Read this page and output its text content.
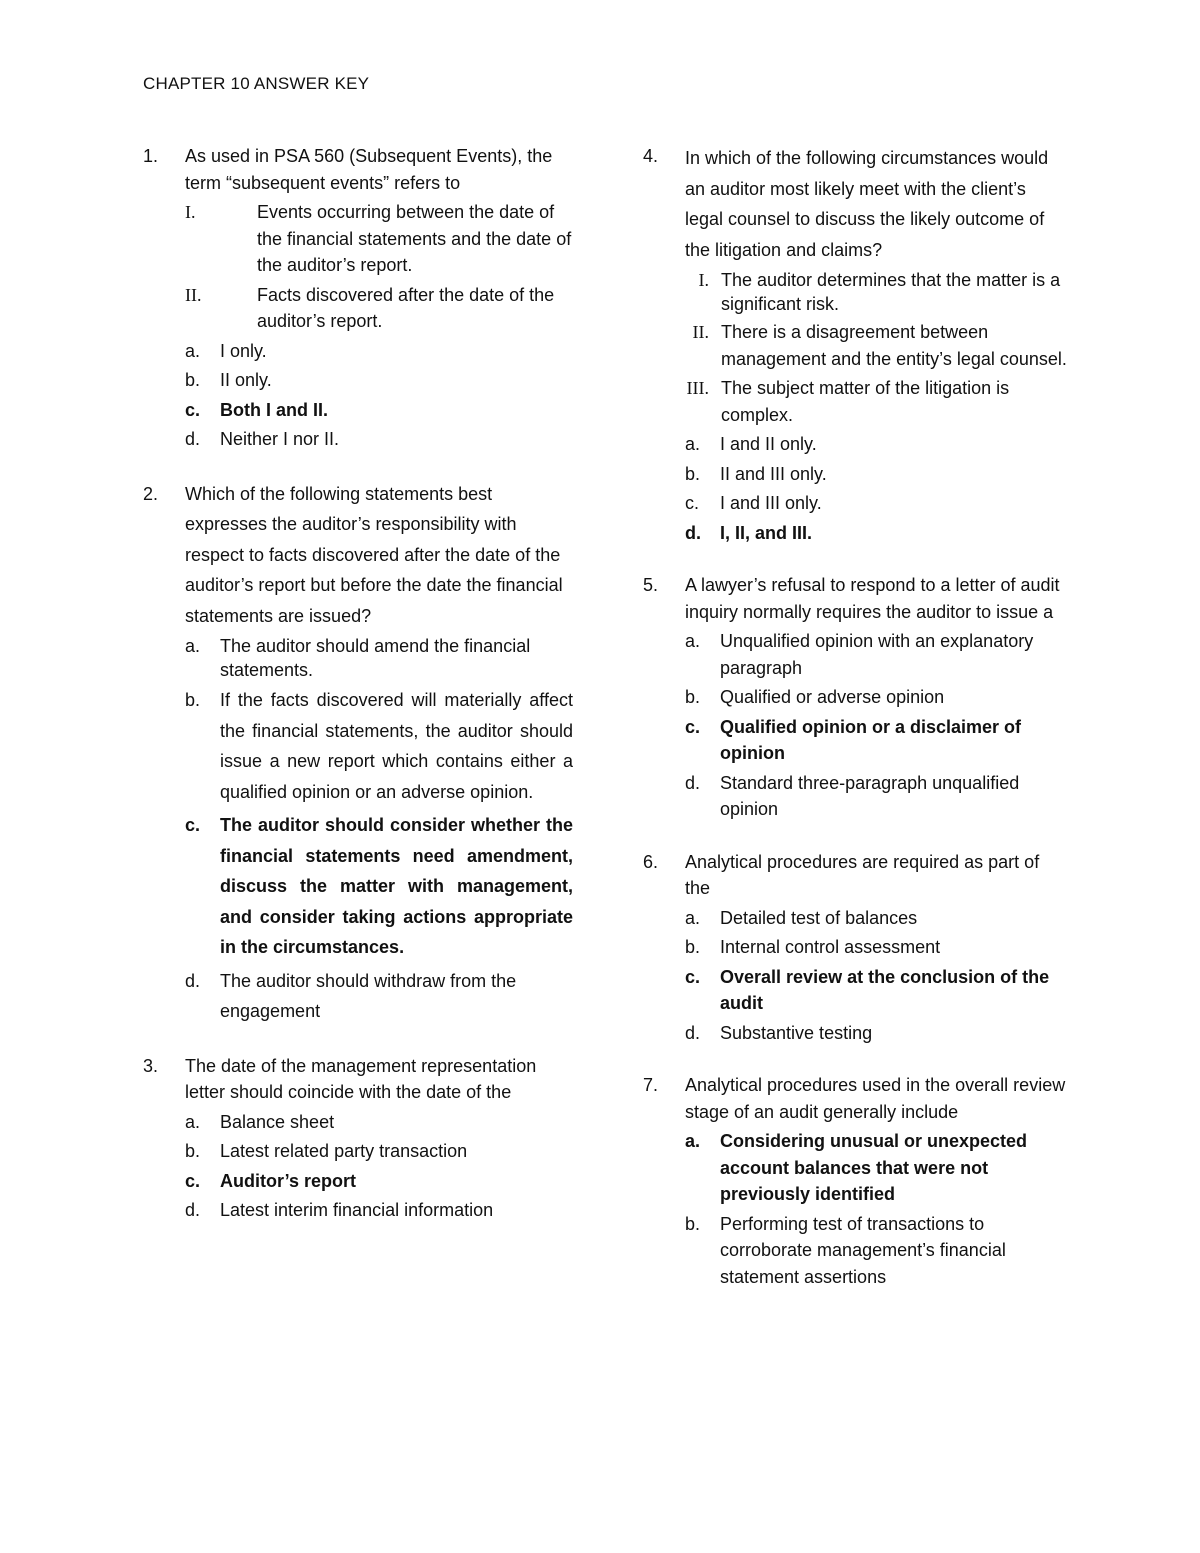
CHAPTER 10 ANSWER KEY
1.	As used in PSA 560 (Subsequent Events), the term “subsequent events” refers to
I.	Events occurring between the date of the financial statements and the date of the auditor’s report.
II.	Facts discovered after the date of the auditor’s report.
a.	I only.
b.	II only.
c.	Both I and II.
d.	Neither I nor II.
2.	Which of the following statements best expresses the auditor’s responsibility with respect to facts discovered after the date of the auditor’s report but before the date the financial statements are issued?
a.	The auditor should amend the financial statements.
b.	If the facts discovered will materially affect the financial statements, the auditor should issue a new report which contains either a qualified opinion or an adverse opinion.
c.	The auditor should consider whether the financial statements need amendment, discuss the matter with management, and consider taking actions appropriate in the circumstances.
d.	The auditor should withdraw from the engagement
3.	The date of the management representation letter should coincide with the date of the
a.	Balance sheet
b.	Latest related party transaction
c.	Auditor’s report
d.	Latest interim financial information
4.	In which of the following circumstances would an auditor most likely meet with the client’s legal counsel to discuss the likely outcome of the litigation and claims?
I. The auditor determines that the matter is a significant risk.
II. There is a disagreement between management and the entity’s legal counsel.
III. The subject matter of the litigation is complex.
a.	I and II only.
b.	II and III only.
c.	I and III only.
d.	I, II, and III.
5.	A lawyer’s refusal to respond to a letter of audit inquiry normally requires the auditor to issue a
a.	Unqualified opinion with an explanatory paragraph
b.	Qualified or adverse opinion
c.	Qualified opinion or a disclaimer of opinion
d.	Standard three-paragraph unqualified opinion
6.	Analytical procedures are required as part of the
a.	Detailed test of balances
b.	Internal control assessment
c.	Overall review at the conclusion of the audit
d.	Substantive testing
7.	Analytical procedures used in the overall review stage of an audit generally include
a.	Considering unusual or unexpected account balances that were not previously identified
b.	Performing test of transactions to corroborate management’s financial statement assertions
